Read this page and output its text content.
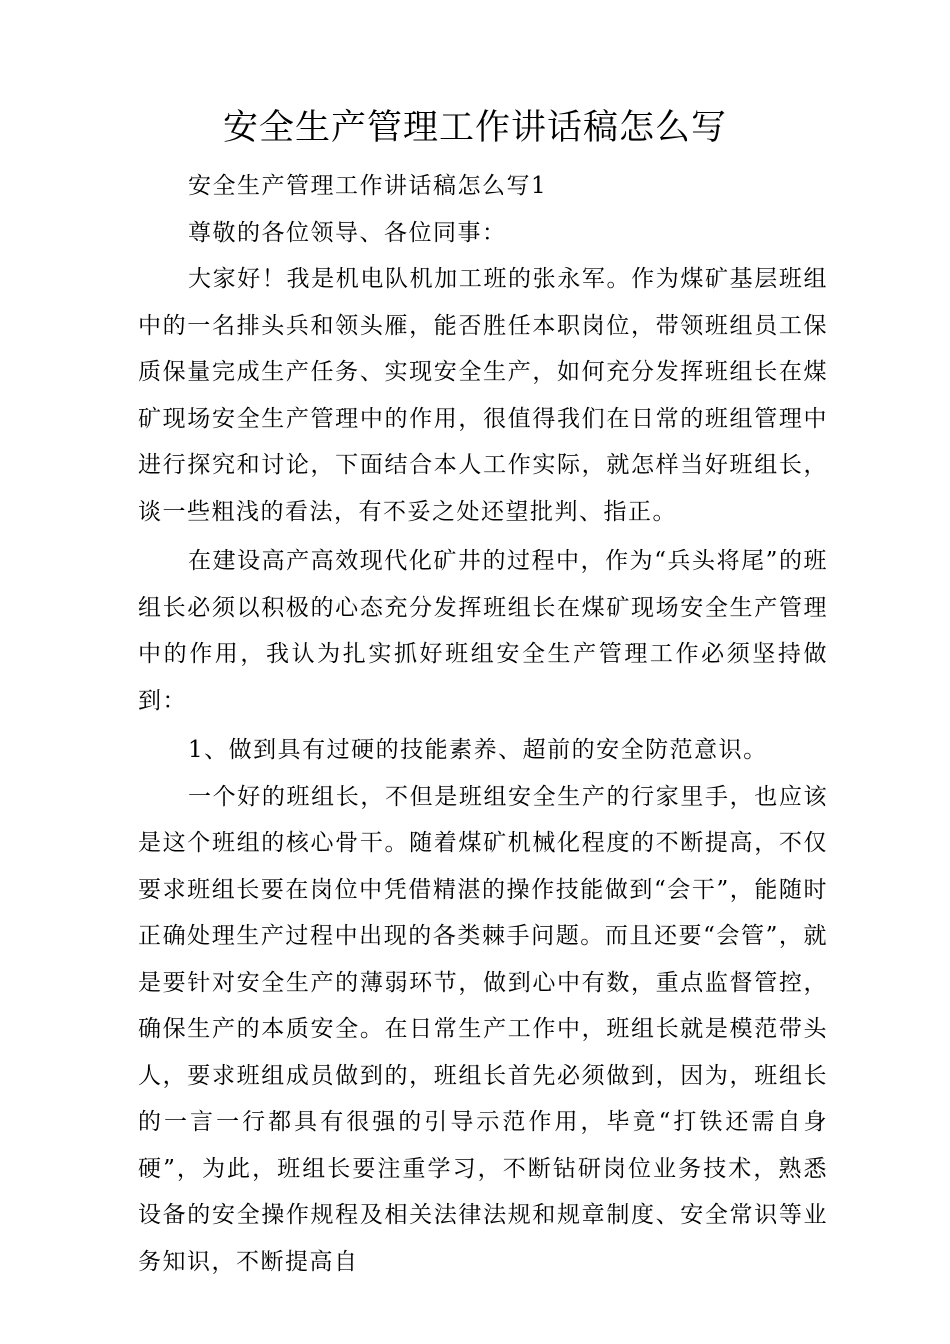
安全生产管理工作讲话稿怎么写

安全生产管理工作讲话稿怎么写1

尊敬的各位领导、各位同事：

大家好！我是机电队机加工班的张永军。作为煤矿基层班组中的一名排头兵和领头雁，能否胜任本职岗位，带领班组员工保质保量完成生产任务、实现安全生产，如何充分发挥班组长在煤矿现场安全生产管理中的作用，很值得我们在日常的班组管理中进行探究和讨论，下面结合本人工作实际，就怎样当好班组长，谈一些粗浅的看法，有不妥之处还望批判、指正。

在建设高产高效现代化矿井的过程中，作为“兵头将尾”的班组长必须以积极的心态充分发挥班组长在煤矿现场安全生产管理中的作用，我认为扎实抓好班组安全生产管理工作必须坚持做到：

1、做到具有过硬的技能素养、超前的安全防范意识。

一个好的班组长，不但是班组安全生产的行家里手，也应该是这个班组的核心骨干。随着煤矿机械化程度的不断提高，不仅要求班组长要在岗位中凭借精湛的操作技能做到“会干”，能随时正确处理生产过程中出现的各类棘手问题。而且还要“会管”，就是要针对安全生产的薄弱环节，做到心中有数，重点监督管控，确保生产的本质安全。在日常生产工作中，班组长就是模范带头人，要求班组成员做到的，班组长首先必须做到，因为，班组长的一言一行都具有很强的引导示范作用，毕竟“打铁还需自身硬”，为此，班组长要注重学习，不断钻研岗位业务技术，熟悉设备的安全操作规程及相关法律法规和规章制度、安全常识等业务知识，不断提高自
